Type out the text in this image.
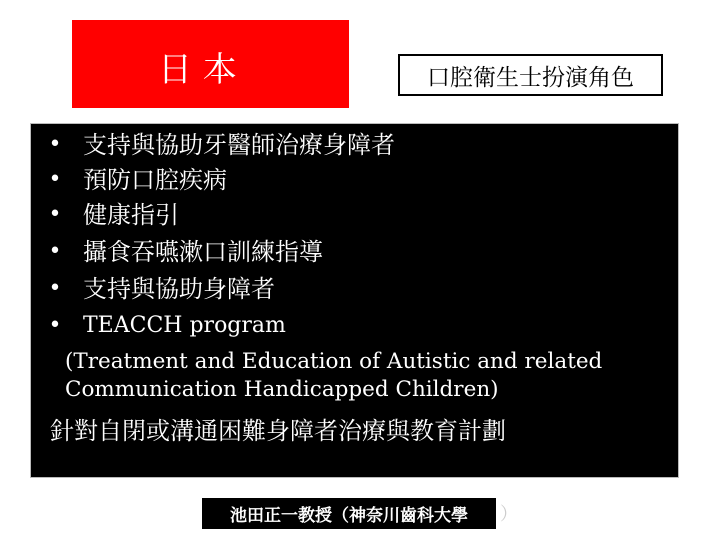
日 本	口腔衛生士扮演角色
• 支持與協助牙醫師治療身障者
• 預防口腔疾病
• 健康指引
• 攝食吞嚥漱口訓練指導
• 支持與協助身障者
• TEACCH program
(Treatment and Education of Autistic and related
Communication Handicapped Children)
針對自閉或溝通困難身障者治療與教育計劃
池田正一教授（神奈川齒科大學 ）
